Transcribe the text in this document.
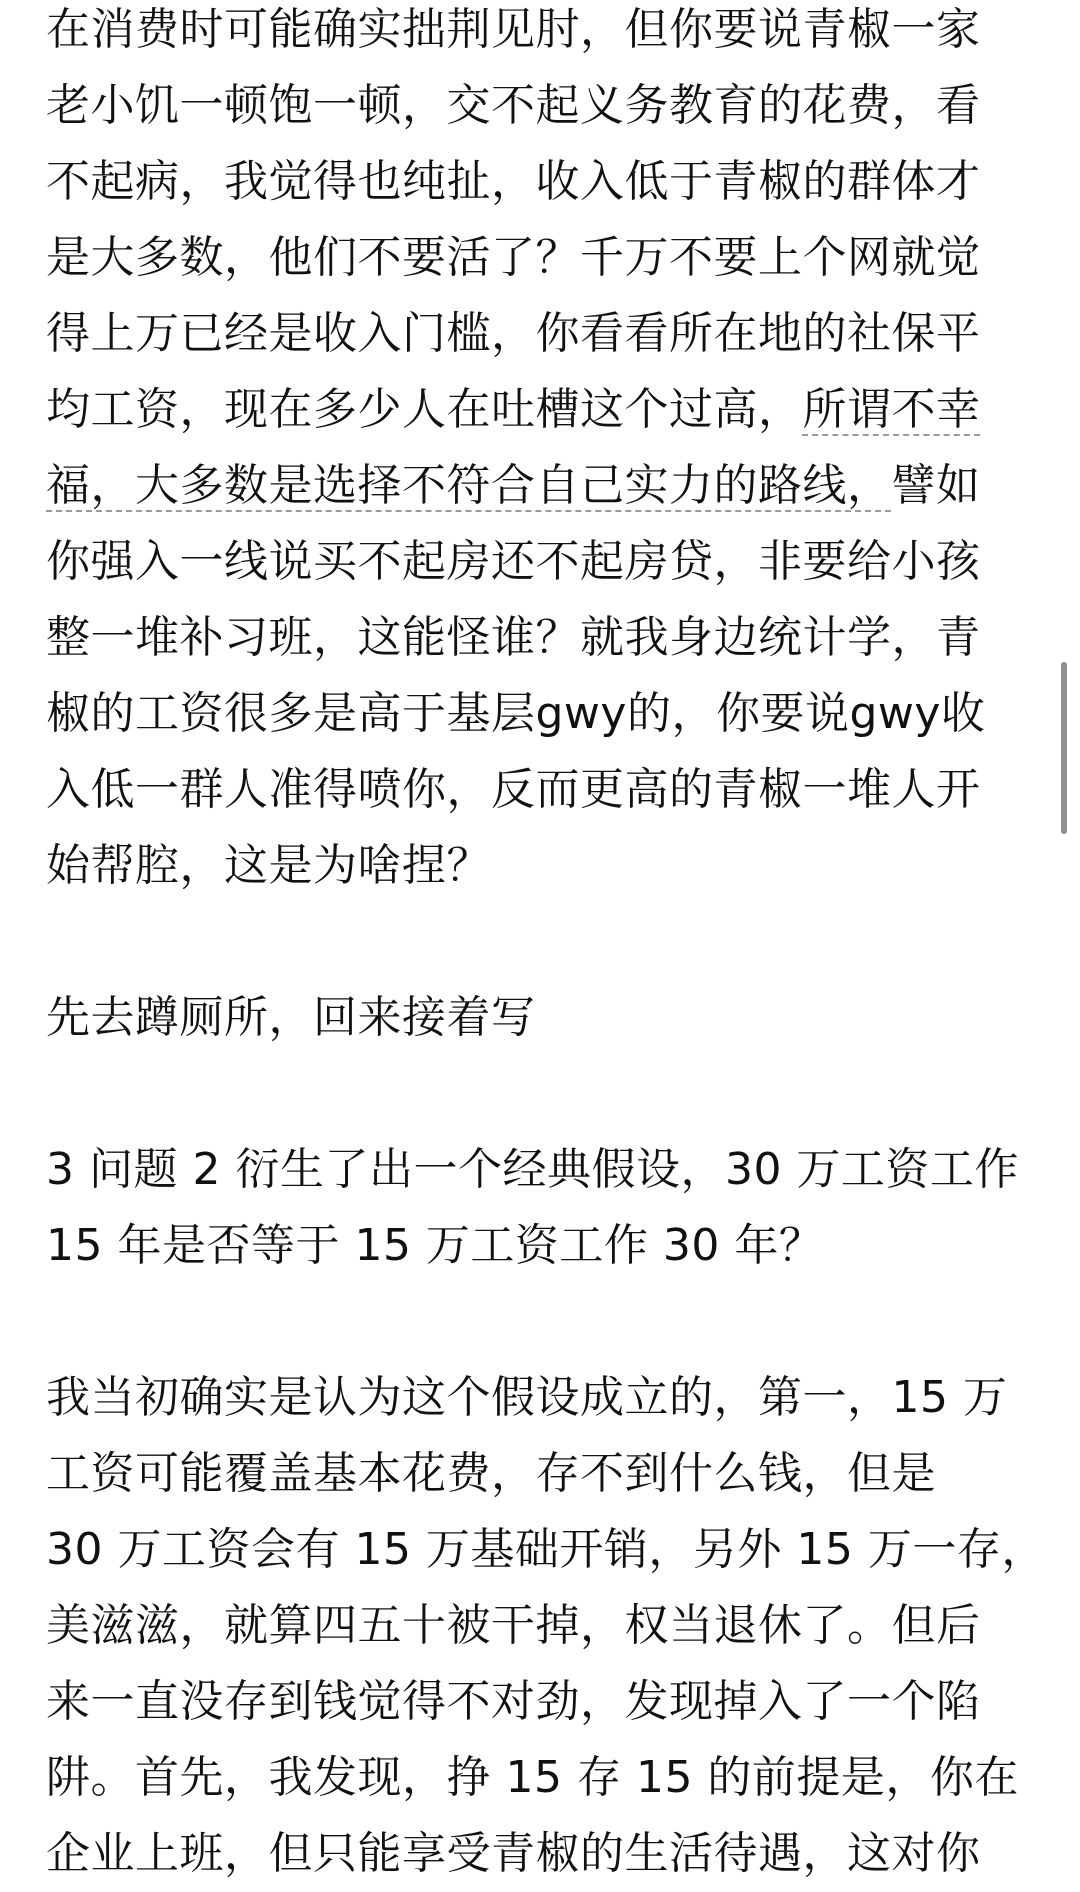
在消费时可能确实拙荆见肘，但你要说青椒一家
老小饥一顿饱一顿，交不起义务教育的花费，看
不起病，我觉得也纯扯，收入低于青椒的群体才
是大多数，他们不要活了？千万不要上个网就觉
得上万已经是收入门槛，你看看所在地的社保平
均工资，现在多少人在吐槽这个过高，所谓不幸
福，大多数是选择不符合自己实力的路线，譬如
你强入一线说买不起房还不起房贷，非要给小孩
整一堆补习班，这能怪谁？就我身边统计学，青
椒的工资很多是高于基层gwy的，你要说gwy收
入低一群人准得喷你，反而更高的青椒一堆人开
始帮腔，这是为啥捏？
先去蹲厕所，回来接着写
3 问题 2 衍生了出一个经典假设，30 万工资工作
15 年是否等于 15 万工资工作 30 年？
我当初确实是认为这个假设成立的，第一，15 万
工资可能覆盖基本花费，存不到什么钱，但是
30 万工资会有 15 万基础开销，另外 15 万一存，
美滋滋，就算四五十被干掉，权当退休了。但后
来一直没存到钱觉得不对劲，发现掉入了一个陷
阱。首先，我发现，挣 15 存 15 的前提是，你在
企业上班，但只能享受青椒的生活待遇，这对你
